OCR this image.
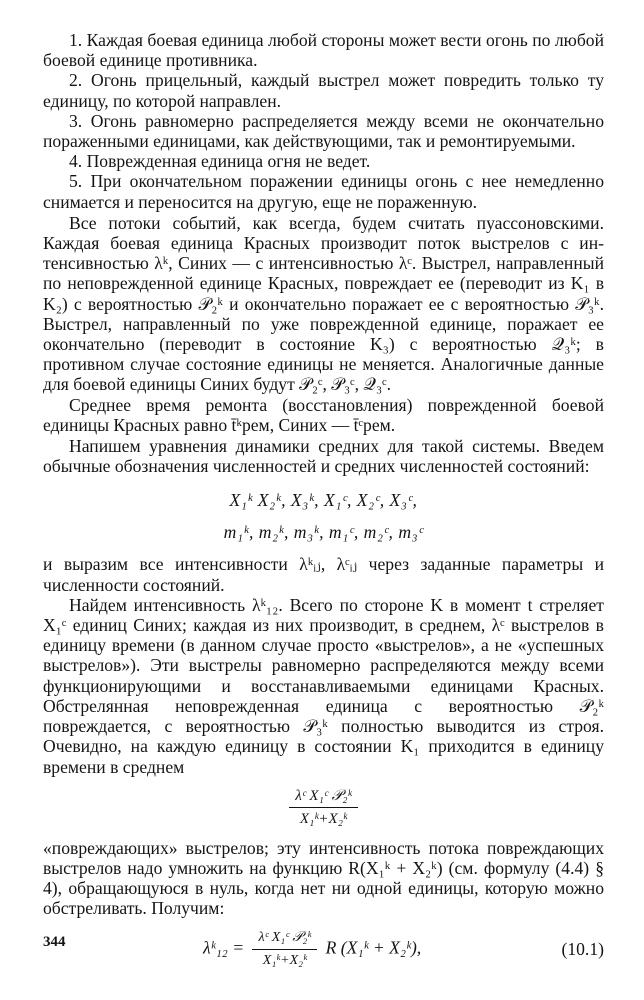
1. Каждая боевая единица любой стороны может вести огонь по любой боевой единице противника.

2. Огонь прицельный, каждый выстрел может повредить только ту единицу, по которой направлен.

3. Огонь равномерно распределяется между всеми не окончательно пораженными единицами, как действующими, так и ремонтируемыми.

4. Поврежденная единица огня не ведет.

5. При окончательном поражении единицы огонь с нее немедленно снимается и переносится на другую, еще не пораженную.

Все потоки событий, как всегда, будем считать пуассоновскими. Каждая боевая единица Красных производит поток выстрелов с интенсивностью λᵏ, Синих — с интенсивностью λᶜ. Выстрел, направленный по неповрежденной единице Красных, повреждает ее (переводит из K₁ в K₂) с вероятностью 𝒫₂ᵏ и окончательно поражает ее с вероятностью 𝒫₃ᵏ. Выстрел, направленный по уже поврежденной единице, поражает ее окончательно (переводит в состояние K₃) с вероятностью 𝒬₃ᵏ; в противном случае состояние единицы не меняется. Аналогичные данные для боевой единицы Синих будут 𝒫₂ᶜ, 𝒫₃ᶜ, 𝒬₃ᶜ.

Среднее время ремонта (восстановления) поврежденной боевой единицы Красных равно t̄ᵏрем, Синих — t̄ᶜрем.

Напишем уравнения динамики средних для такой системы. Введем обычные обозначения численностей и средних численностей состояний:

X₁ᵏ X₂ᵏ, X₃ᵏ, X₁ᶜ, X₂ᶜ, X₃ᶜ,
m₁ᵏ, m₂ᵏ, m₃ᵏ, m₁ᶜ, m₂ᶜ, m₃ᶜ

и выразим все интенсивности λᵏᵢⱼ, λᶜᵢⱼ через заданные параметры и численности состояний.

Найдем интенсивность λᵏ₁₂. Всего по стороне K в момент t стреляет X₁ᶜ единиц Синих; каждая из них производит, в среднем, λᶜ выстрелов в единицу времени (в данном случае просто «выстрелов», а не «успешных выстрелов»). Эти выстрелы равномерно распределяются между всеми функционирующими и восстанавливаемыми единицами Красных. Обстрелянная неповрежденная единица с вероятностью 𝒫₂ᵏ повреждается, с вероятностью 𝒫₃ᵏ полностью выводится из строя. Очевидно, на каждую единицу в состоянии K₁ приходится в единицу времени в среднем

$\frac{\text{λᶜ X₁ᶜ 𝒫₂ᵏ}}{\text{X₁ᵏ+X₂ᵏ}}$

«повреждающих» выстрелов; эту интенсивность потока повреждающих выстрелов надо умножить на функцию R(X₁ᵏ + X₂ᵏ) (см. формулу (4.4) § 4), обращающуюся в нуль, когда нет ни одной единицы, которую можно обстреливать. Получим:

λᵏ₁₂ = $\frac{\text{λᶜ X₁ᶜ 𝒫₂ᵏ}}{\text{X₁ᵏ+X₂ᵏ}}$ R (X₁ᵏ + X₂ᵏ),	(10.1)
344
